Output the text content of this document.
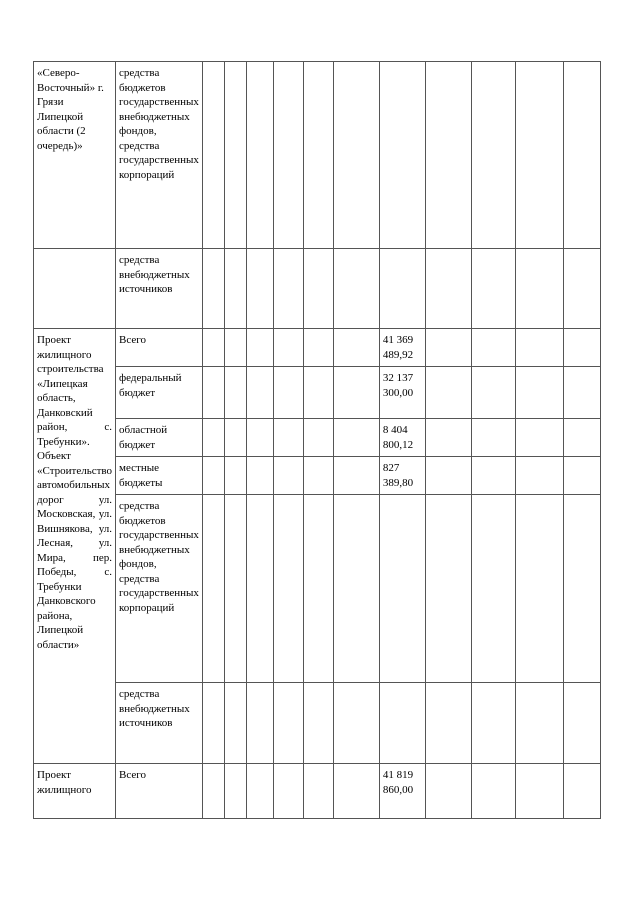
«Северо-Восточный» г. Грязи Липецкой области (2 очередь)»	средства бюджетов государственных внебюджетных фондов, средства государственных корпораций											
	средства внебюджетных источников											
Проект жилищного строительства «Липецкая область, Данковский район, с. Требунки». Объект «Строительство автомобильных дорог ул. Московская, ул. Вишнякова, ул. Лесная, ул. Мира, пер. Победы, с. Требунки Данковского района, Липецкой области»	Всего							41 369 489,92				
	федеральный бюджет							32 137 300,00				
	областной бюджет							8 404 800,12				
	местные бюджеты							827 389,80				
	средства бюджетов государственных внебюджетных фондов, средства государственных корпораций											
	средства внебюджетных источников											
Проект жилищного	Всего							41 819 860,00				
